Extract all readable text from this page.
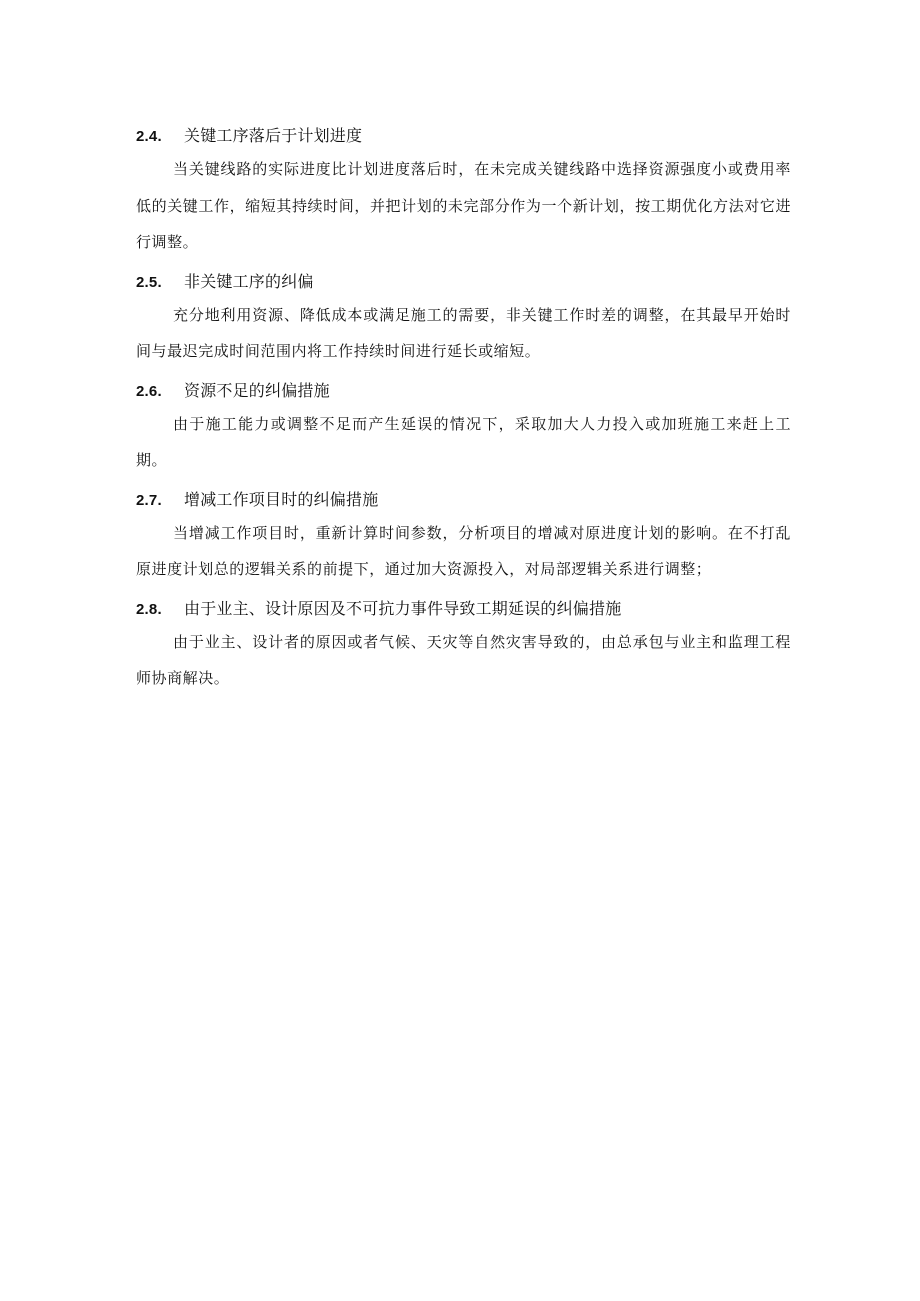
2.4.	关键工序落后于计划进度

当关键线路的实际进度比计划进度落后时，在未完成关键线路中选择资源强度小或费用率低的关键工作，缩短其持续时间，并把计划的未完部分作为一个新计划，按工期优化方法对它进行调整。

2.5.	非关键工序的纠偏

充分地利用资源、降低成本或满足施工的需要，非关键工作时差的调整，在其最早开始时间与最迟完成时间范围内将工作持续时间进行延长或缩短。

2.6.	资源不足的纠偏措施

由于施工能力或调整不足而产生延误的情况下，采取加大人力投入或加班施工来赶上工期。

2.7.	增减工作项目时的纠偏措施

当增减工作项目时，重新计算时间参数，分析项目的增减对原进度计划的影响。在不打乱原进度计划总的逻辑关系的前提下，通过加大资源投入，对局部逻辑关系进行调整；

2.8.	由于业主、设计原因及不可抗力事件导致工期延误的纠偏措施

由于业主、设计者的原因或者气候、天灾等自然灾害导致的，由总承包与业主和监理工程师协商解决。
